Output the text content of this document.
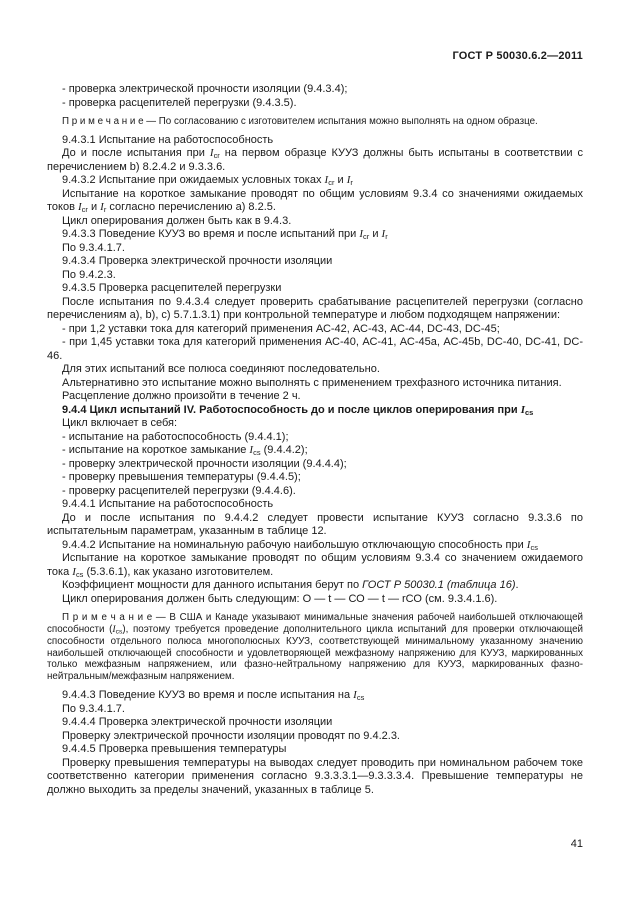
ГОСТ Р 50030.6.2—2011

- проверка электрической прочности изоляции (9.4.3.4);

- проверка расцепителей перегрузки (9.4.3.5).

П р и м е ч а н и е — По согласованию с изготовителем испытания можно выполнять на одном образце.

9.4.3.1 Испытание на работоспособность

До и после испытания при $I_{cr}$ на первом образце КУУЗ должны быть испытаны в соответствии с перечислением b) 8.2.4.2 и 9.3.3.6.

9.4.3.2 Испытание при ожидаемых условных токах $I_{cr}$ и $I_r$

Испытание на короткое замыкание проводят по общим условиям 9.3.4 со значениями ожидаемых токов $I_{cr}$ и $I_r$ согласно перечислению а) 8.2.5.

Цикл оперирования должен быть как в 9.4.3.

9.4.3.3 Поведение КУУЗ во время и после испытаний при $I_{cr}$ и $I_r$

По 9.3.4.1.7.

9.4.3.4 Проверка электрической прочности изоляции

По 9.4.2.3.

9.4.3.5 Проверка расцепителей перегрузки

После испытания по 9.4.3.4 следует проверить срабатывание расцепителей перегрузки (согласно перечислениям а), b), c) 5.7.1.3.1) при контрольной температуре и любом подходящем напряжении:

- при 1,2 уставки тока для категорий применения АС-42, АС-43, АС-44, DC-43, DC-45;

- при 1,45 уставки тока для категорий применения АС-40, АС-41, АС-45а, АС-45b, DC-40, DC-41, DC-46.

Для этих испытаний все полюса соединяют последовательно.

Альтернативно это испытание можно выполнять с применением трехфазного источника питания.

Расцепление должно произойти в течение 2 ч.

9.4.4 Цикл испытаний IV. Работоспособность до и после циклов оперирования при $I_{cs}$

Цикл включает в себя:

- испытание на работоспособность (9.4.4.1);

- испытание на короткое замыкание $I_{cs}$ (9.4.4.2);

- проверку электрической прочности изоляции (9.4.4.4);

- проверку превышения температуры (9.4.4.5);

- проверку расцепителей перегрузки (9.4.4.6).

9.4.4.1 Испытание на работоспособность

До и после испытания по 9.4.4.2 следует провести испытание КУУЗ согласно 9.3.3.6 по испытательным параметрам, указанным в таблице 12.

9.4.4.2 Испытание на номинальную рабочую наибольшую отключающую способность при $I_{cs}$

Испытание на короткое замыкание проводят по общим условиям 9.3.4 со значением ожидаемого тока $I_{cs}$ (5.3.6.1), как указано изготовителем.

Коэффициент мощности для данного испытания берут по ГОСТ Р 50030.1 (таблица 16).

Цикл оперирования должен быть следующим: О — t — СО — t — rСО (см. 9.3.4.1.6).

П р и м е ч а н и е — В США и Канаде указывают минимальные значения рабочей наибольшей отключающей способности $(I_{cs})$, поэтому требуется проведение дополнительного цикла испытаний для проверки отключающей способности отдельного полюса многополюсных КУУЗ, соответствующей минимальному указанному значению наибольшей отключающей способности и удовлетворяющей межфазному напряжению для КУУЗ, маркированных только межфазным напряжением, или фазно-нейтральному напряжению для КУУЗ, маркированных фазно-нейтральным/межфазным напряжением.

9.4.4.3 Поведение КУУЗ во время и после испытания на $I_{cs}$

По 9.3.4.1.7.

9.4.4.4 Проверка электрической прочности изоляции

Проверку электрической прочности изоляции проводят по 9.4.2.3.

9.4.4.5 Проверка превышения температуры

Проверку превышения температуры на выводах следует проводить при номинальном рабочем токе соответственно категории применения согласно 9.3.3.3.1—9.3.3.3.4. Превышение температуры не должно выходить за пределы значений, указанных в таблице 5.

41
